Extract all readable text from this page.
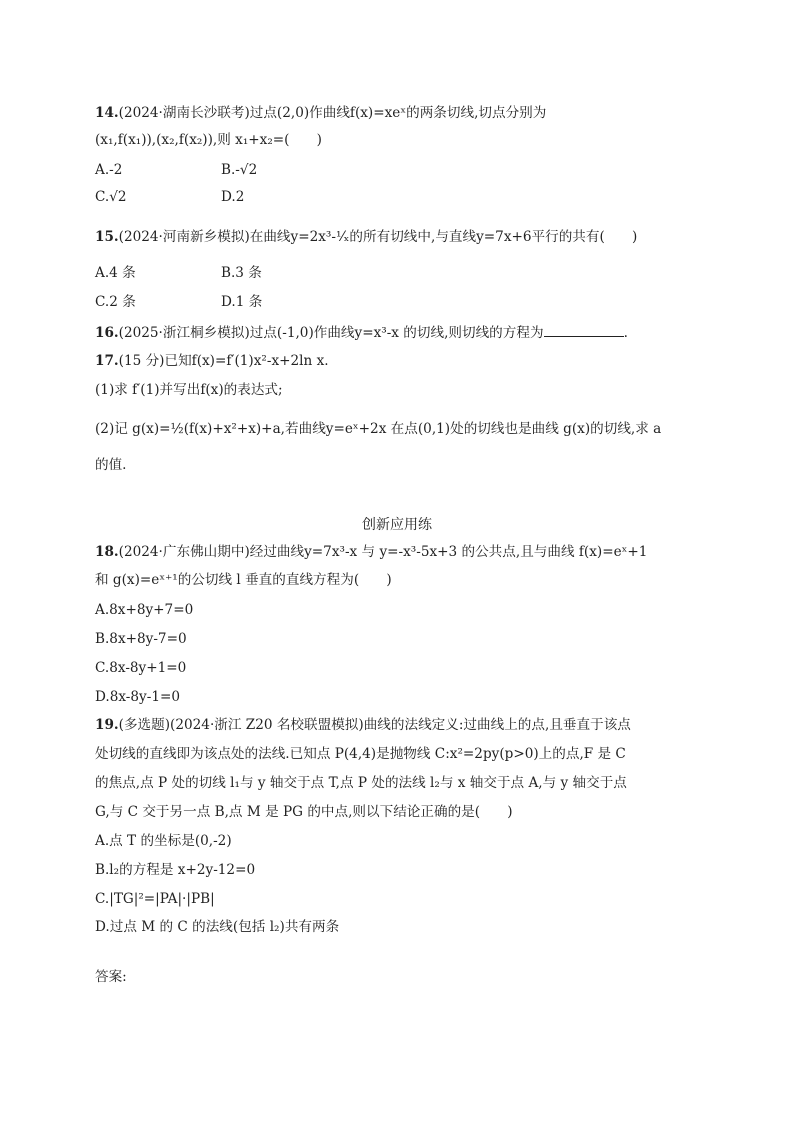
14.(2024·湖南长沙联考)过点(2,0)作曲线f(x)=xeˣ的两条切线,切点分别为
(x₁,f(x₁)),(x₂,f(x₂)),则 x₁+x₂=(　　)
A.-2	B.-√2
C.√2	D.2
15.(2024·河南新乡模拟)在曲线y=2x³-¹⁄ₓ的所有切线中,与直线y=7x+6平行的共有(　　)
A.4 条	B.3 条
C.2 条	D.1 条
16.(2025·浙江桐乡模拟)过点(-1,0)作曲线y=x³-x 的切线,则切线的方程为	.
17.(15 分)已知f(x)=f′(1)x²-x+2ln x.
(1)求 f′(1)并写出f(x)的表达式;
(2)记 g(x)=½(f(x)+x²+x)+a,若曲线y=eˣ+2x 在点(0,1)处的切线也是曲线 g(x)的切线,求 a
的值.
创新应用练
18.(2024·广东佛山期中)经过曲线y=7x³-x 与 y=-x³-5x+3 的公共点,且与曲线 f(x)=eˣ+1
和 g(x)=eˣ⁺¹的公切线 l 垂直的直线方程为(　　)
A.8x+8y+7=0
B.8x+8y-7=0
C.8x-8y+1=0
D.8x-8y-1=0
19.(多选题)(2024·浙江 Z20 名校联盟模拟)曲线的法线定义:过曲线上的点,且垂直于该点
处切线的直线即为该点处的法线.已知点 P(4,4)是抛物线 C:x²=2py(p>0)上的点,F 是 C
的焦点,点 P 处的切线 l₁与 y 轴交于点 T,点 P 处的法线 l₂与 x 轴交于点 A,与 y 轴交于点
G,与 C 交于另一点 B,点 M 是 PG 的中点,则以下结论正确的是(　　)
A.点 T 的坐标是(0,-2)
B.l₂的方程是 x+2y-12=0
C.|TG|²=|PA|·|PB|
D.过点 M 的 C 的法线(包括 l₂)共有两条
答案:
